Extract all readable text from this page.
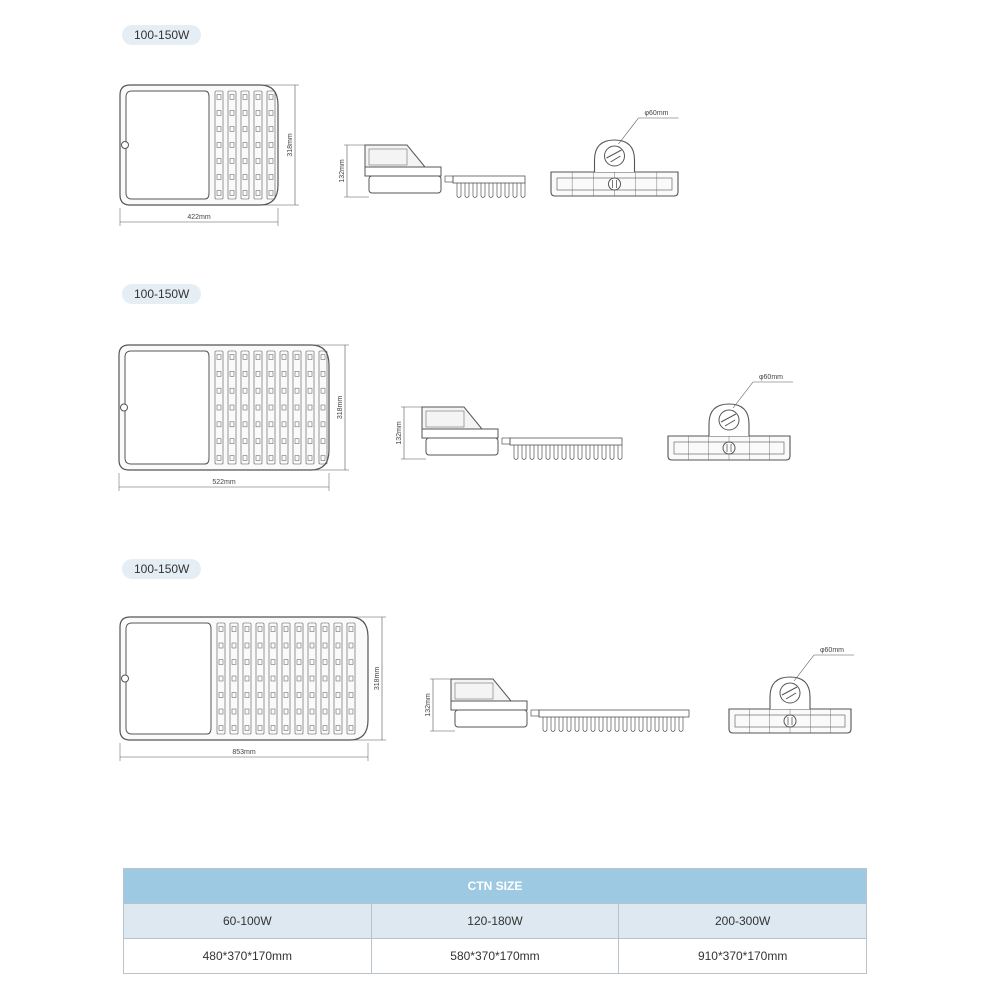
100-150W
100-150W
100-150W
422mm
318mm
132mm
φ60mm
522mm
318mm
132mm
φ60mm
853mm
318mm
132mm
φ60mm
CTN SIZE		
60-100W	120-180W	200-300W
480*370*170mm	580*370*170mm	910*370*170mm
